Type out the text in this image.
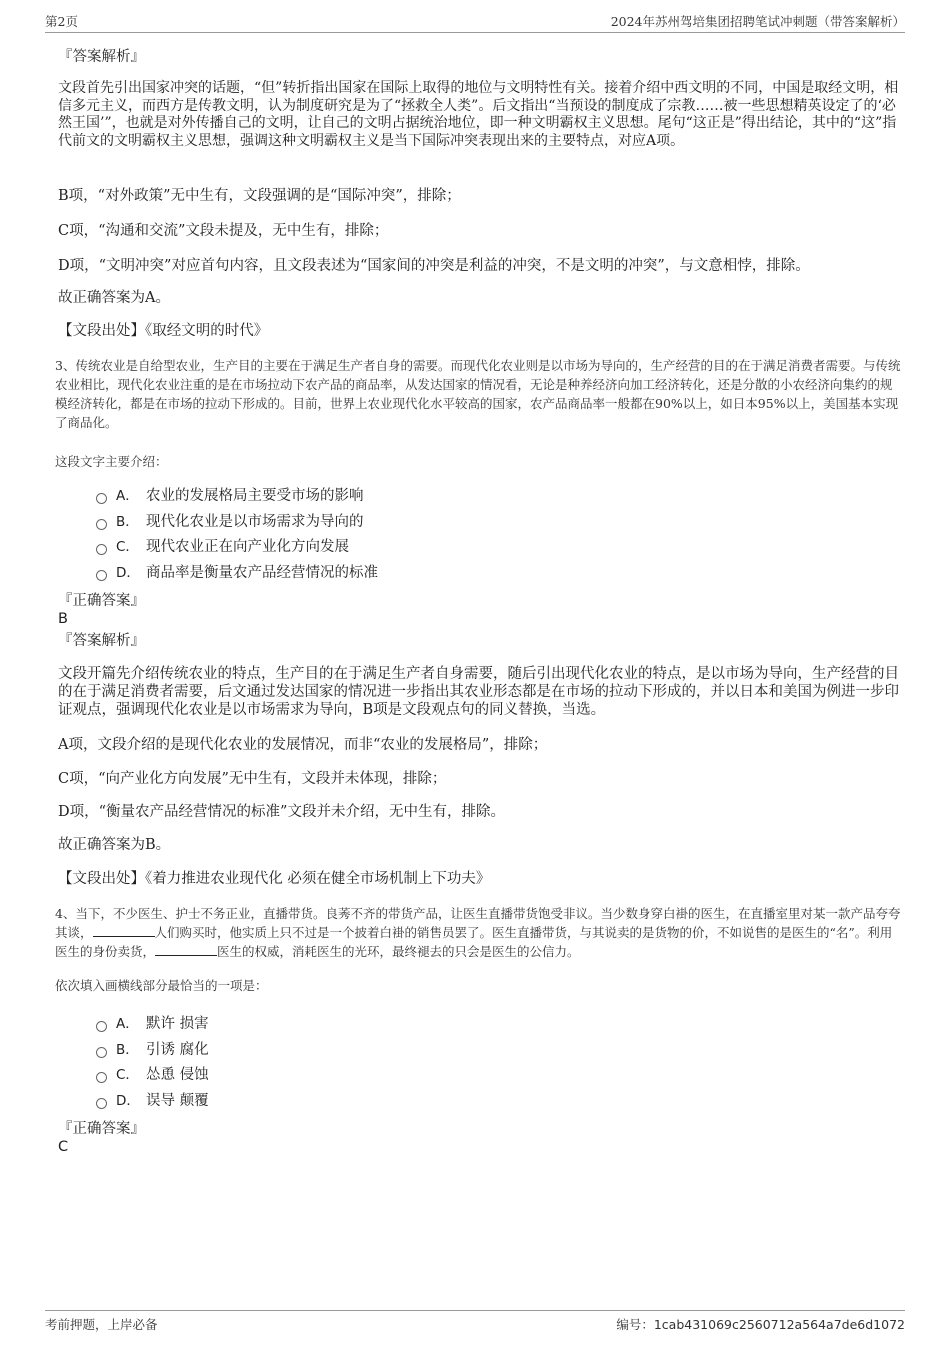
第2页	2024年苏州驾培集团招聘笔试冲刺题（带答案解析）
『答案解析』
文段首先引出国家冲突的话题，“但”转折指出国家在国际上取得的地位与文明特性有关。接着介绍中西文明的不同，中国是取经文明，相信多元主义，而西方是传教文明，认为制度研究是为了“拯救全人类”。后文指出“当预设的制度成了宗教……被一些思想精英设定了的‘必然王国’”，也就是对外传播自己的文明，让自己的文明占据统治地位，即一种文明霸权主义思想。尾句“这正是”得出结论，其中的“这”指代前文的文明霸权主义思想，强调这种文明霸权主义是当下国际冲突表现出来的主要特点，对应A项。
B项，“对外政策”无中生有，文段强调的是“国际冲突”，排除；
C项，“沟通和交流”文段未提及，无中生有，排除；
D项，“文明冲突”对应首句内容，且文段表述为“国家间的冲突是利益的冲突，不是文明的冲突”，与文意相悖，排除。
故正确答案为A。
【文段出处】《取经文明的时代》
3、传统农业是自给型农业，生产目的主要在于满足生产者自身的需要。而现代化农业则是以市场为导向的，生产经营的目的在于满足消费者需要。与传统农业相比，现代化农业注重的是在市场拉动下农产品的商品率，从发达国家的情况看，无论是种养经济向加工经济转化，还是分散的小农经济向集约的规模经济转化，都是在市场的拉动下形成的。目前，世界上农业现代化水平较高的国家，农产品商品率一般都在90%以上，如日本95%以上，美国基本实现了商品化。
这段文字主要介绍：
A． 农业的发展格局主要受市场的影响
B． 现代化农业是以市场需求为导向的
C． 现代农业正在向产业化方向发展
D． 商品率是衡量农产品经营情况的标准
『正确答案』
B
『答案解析』
文段开篇先介绍传统农业的特点，生产目的在于满足生产者自身需要，随后引出现代化农业的特点，是以市场为导向，生产经营的目的在于满足消费者需要，后文通过发达国家的情况进一步指出其农业形态都是在市场的拉动下形成的，并以日本和美国为例进一步印证观点，强调现代化农业是以市场需求为导向，B项是文段观点句的同义替换，当选。
A项，文段介绍的是现代化农业的发展情况，而非“农业的发展格局”，排除；
C项，“向产业化方向发展”无中生有，文段并未体现，排除；
D项，“衡量农产品经营情况的标准”文段并未介绍，无中生有，排除。
故正确答案为B。
【文段出处】《着力推进农业现代化 必须在健全市场机制上下功夫》
4、当下，不少医生、护士不务正业，直播带货。良莠不齐的带货产品，让医生直播带货饱受非议。当少数身穿白褂的医生，在直播室里对某一款产品夸夸其谈，	人们购买时，他实质上只不过是一个披着白褂的销售员罢了。医生直播带货，与其说卖的是货物的价，不如说售的是医生的“名”。利用医生的身份卖货，	医生的权威，消耗医生的光环，最终褪去的只会是医生的公信力。
依次填入画横线部分最恰当的一项是：
A． 默许 损害
B． 引诱 腐化
C． 怂恿 侵蚀
D． 误导 颠覆
『正确答案』
C
考前押题，上岸必备	编号：1cab431069c2560712a564a7de6d1072
